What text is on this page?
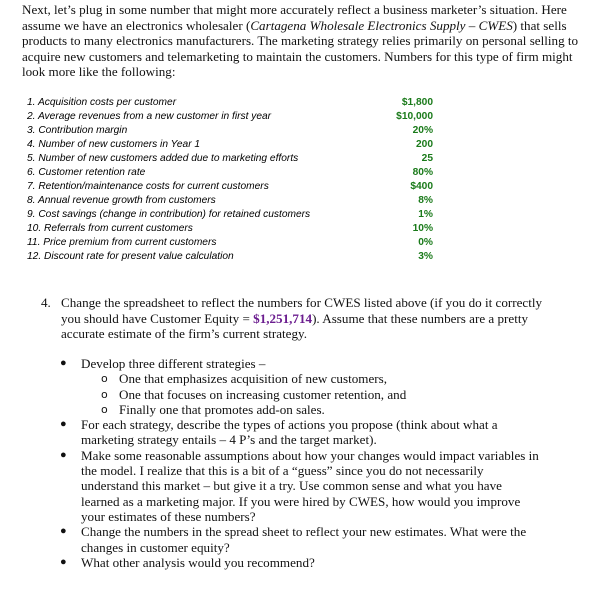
Next, let’s plug in some number that might more accurately reflect a business marketer’s situation. Here assume we have an electronics wholesaler (Cartagena Wholesale Electronics Supply – CWES) that sells products to many electronics manufacturers. The marketing strategy relies primarily on personal selling to acquire new customers and telemarketing to maintain the customers. Numbers for this type of firm might look more like the following:
1. Acquisition costs per customer	$1,800
2. Average revenues from a new customer in first year	$10,000
3. Contribution margin	20%
4. Number of new customers in Year 1	200
5. Number of new customers added due to marketing efforts	25
6. Customer retention rate	80%
7. Retention/maintenance costs for current customers	$400
8. Annual revenue growth from customers	8%
9. Cost savings (change in contribution) for retained customers	1%
10. Referrals from current customers	10%
11. Price premium from current customers	0%
12. Discount rate for present value calculation	3%
4. Change the spreadsheet to reflect the numbers for CWES listed above (if you do it correctly you should have Customer Equity = $1,251,714). Assume that these numbers are a pretty accurate estimate of the firm’s current strategy.
● Develop three different strategies –
o One that emphasizes acquisition of new customers,
o One that focuses on increasing customer retention, and
o Finally one that promotes add-on sales.
● For each strategy, describe the types of actions you propose (think about what a marketing strategy entails – 4 P’s and the target market).
● Make some reasonable assumptions about how your changes would impact variables in the model. I realize that this is a bit of a “guess” since you do not necessarily understand this market – but give it a try. Use common sense and what you have learned as a marketing major. If you were hired by CWES, how would you improve your estimates of these numbers?
● Change the numbers in the spread sheet to reflect your new estimates. What were the changes in customer equity?
● What other analysis would you recommend?
